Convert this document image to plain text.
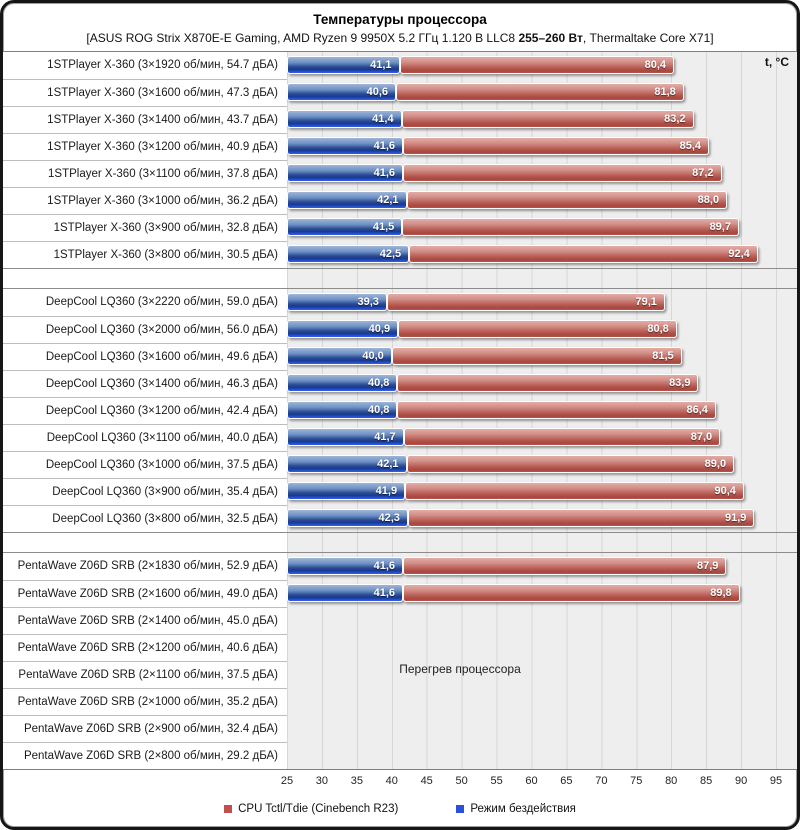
Температуры процессора
[ASUS ROG Strix X870E-E Gaming, AMD Ryzen 9 9950X 5.2 ГГц 1.120 В LLC8 255–260 Вт, Thermaltake Core X71]
1STPlayer X-360 (3×1920 об/мин, 54.7 дБА)	41,1	80,4
1STPlayer X-360 (3×1600 об/мин, 47.3 дБА)	40,6	81,8
1STPlayer X-360 (3×1400 об/мин, 43.7 дБА)	41,4	83,2
1STPlayer X-360 (3×1200 об/мин, 40.9 дБА)	41,6	85,4
1STPlayer X-360 (3×1100 об/мин, 37.8 дБА)	41,6	87,2
1STPlayer X-360 (3×1000 об/мин, 36.2 дБА)	42,1	88,0
1STPlayer X-360 (3×900 об/мин, 32.8 дБА)	41,5	89,7
1STPlayer X-360 (3×800 об/мин, 30.5 дБА)	42,5	92,4
DeepCool LQ360 (3×2220 об/мин, 59.0 дБА)	39,3	79,1
DeepCool LQ360 (3×2000 об/мин, 56.0 дБА)	40,9	80,8
DeepCool LQ360 (3×1600 об/мин, 49.6 дБА)	40,0	81,5
DeepCool LQ360 (3×1400 об/мин, 46.3 дБА)	40,8	83,9
DeepCool LQ360 (3×1200 об/мин, 42.4 дБА)	40,8	86,4
DeepCool LQ360 (3×1100 об/мин, 40.0 дБА)	41,7	87,0
DeepCool LQ360 (3×1000 об/мин, 37.5 дБА)	42,1	89,0
DeepCool LQ360 (3×900 об/мин, 35.4 дБА)	41,9	90,4
DeepCool LQ360 (3×800 об/мин, 32.5 дБА)	42,3	91,9
PentaWave Z06D SRB (2×1830 об/мин, 52.9 дБА)	41,6	87,9
PentaWave Z06D SRB (2×1600 об/мин, 49.0 дБА)	41,6	89,8
PentaWave Z06D SRB (2×1400 об/мин, 45.0 дБА)
PentaWave Z06D SRB (2×1200 об/мин, 40.6 дБА)
PentaWave Z06D SRB (2×1100 об/мин, 37.5 дБА)
PentaWave Z06D SRB (2×1000 об/мин, 35.2 дБА)
PentaWave Z06D SRB (2×900 об/мин, 32.4 дБА)
PentaWave Z06D SRB (2×800 об/мин, 29.2 дБА)
t, °C
Перегрев процессора
25 30 35 40 45 50 55 60 65 70 75 80 85 90 95
CPU Tctl/Tdie (Cinebench R23)	Режим бездействия
